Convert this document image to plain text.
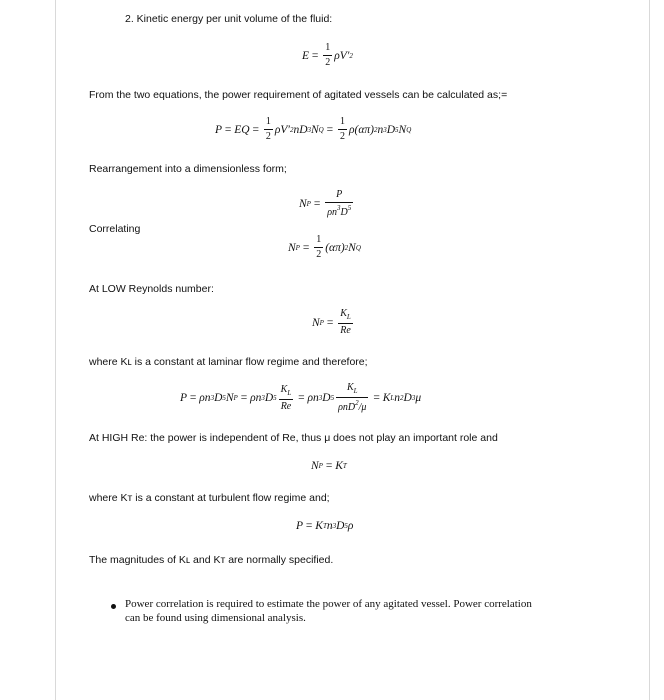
2. Kinetic energy per unit volume of the fluid:
$E = \frac{1}{2} \rho V'$ 2
From the two equations, the power requirement of agitated vessels can be calculated as;=
P = EQ = $\frac{1}{2} \rho V'$ 2 nD 3 N $Q = \frac{1}{2} \rho(\alpha\pi)$ 2 n 3 D 5 N Q
Rearrangement into a dimensionless form;
N $P = \frac{P}{\rho n^3D^5}$
Correlating
N $P = \frac{1}{2} (\alpha\pi)$ 2 N Q
At LOW Reynolds number:
N $P = \frac{K_L}{Re}$
where Kʟ is a constant at laminar flow regime and therefore;
P = ρn 3 D 5 N P = ρn 3 D $5 \frac{K_L}{Re} = \rho n$ 3 D $5 \frac{K_L}{\rho nD^2/\mu} = K$ L n 2 D 3 μ
At HIGH Re: the power is independent of Re, thus μ does not play an important role and
N P = K T
where Kᴛ is a constant at turbulent flow regime and;
P = K T n 3 D 5 ρ
The magnitudes of Kʟ and Kᴛ are normally specified.
Power correlation is required to estimate the power of any agitated vessel. Power correlation can be found using dimensional analysis.
